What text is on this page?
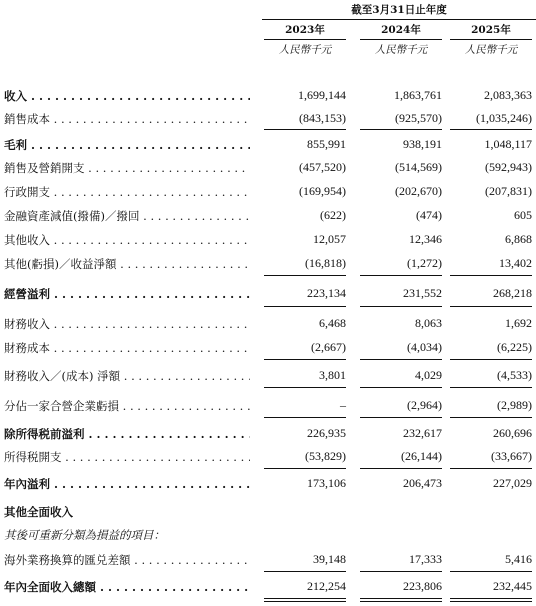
截至3月31日止年度
2023年	2024年	2025年
人民幣千元	人民幣千元	人民幣千元
收入 . . .	1,699,144	1,863,761	2,083,363
銷售成本 . . .	(843,153)	(925,570)	(1,035,246)
毛利 . . .	855,991	938,191	1,048,117
銷售及營銷開支 . . .	(457,520)	(514,569)	(592,943)
行政開支 . . .	(169,954)	(202,670)	(207,831)
金融資產減值(撥備)／撥回 . . .	(622)	(474)	605
其他收入 . . .	12,057	12,346	6,868
其他(虧損)／收益淨額 . . .	(16,818)	(1,272)	13,402
經營溢利 . . .	223,134	231,552	268,218
財務收入 . . .	6,468	8,063	1,692
財務成本 . . .	(2,667)	(4,034)	(6,225)
財務收入／(成本) 淨額 . . .	3,801	4,029	(4,533)
分佔一家合營企業虧損 . . .	–	(2,964)	(2,989)
除所得税前溢利 . . .	226,935	232,617	260,696
所得税開支 . . .	(53,829)	(26,144)	(33,667)
年內溢利 . . .	173,106	206,473	227,029
其他全面收入
其後可重新分類為損益的項目：
海外業務換算的匯兑差額 . . .	39,148	17,333	5,416
年內全面收入總額 . . .	212,254	223,806	232,445
